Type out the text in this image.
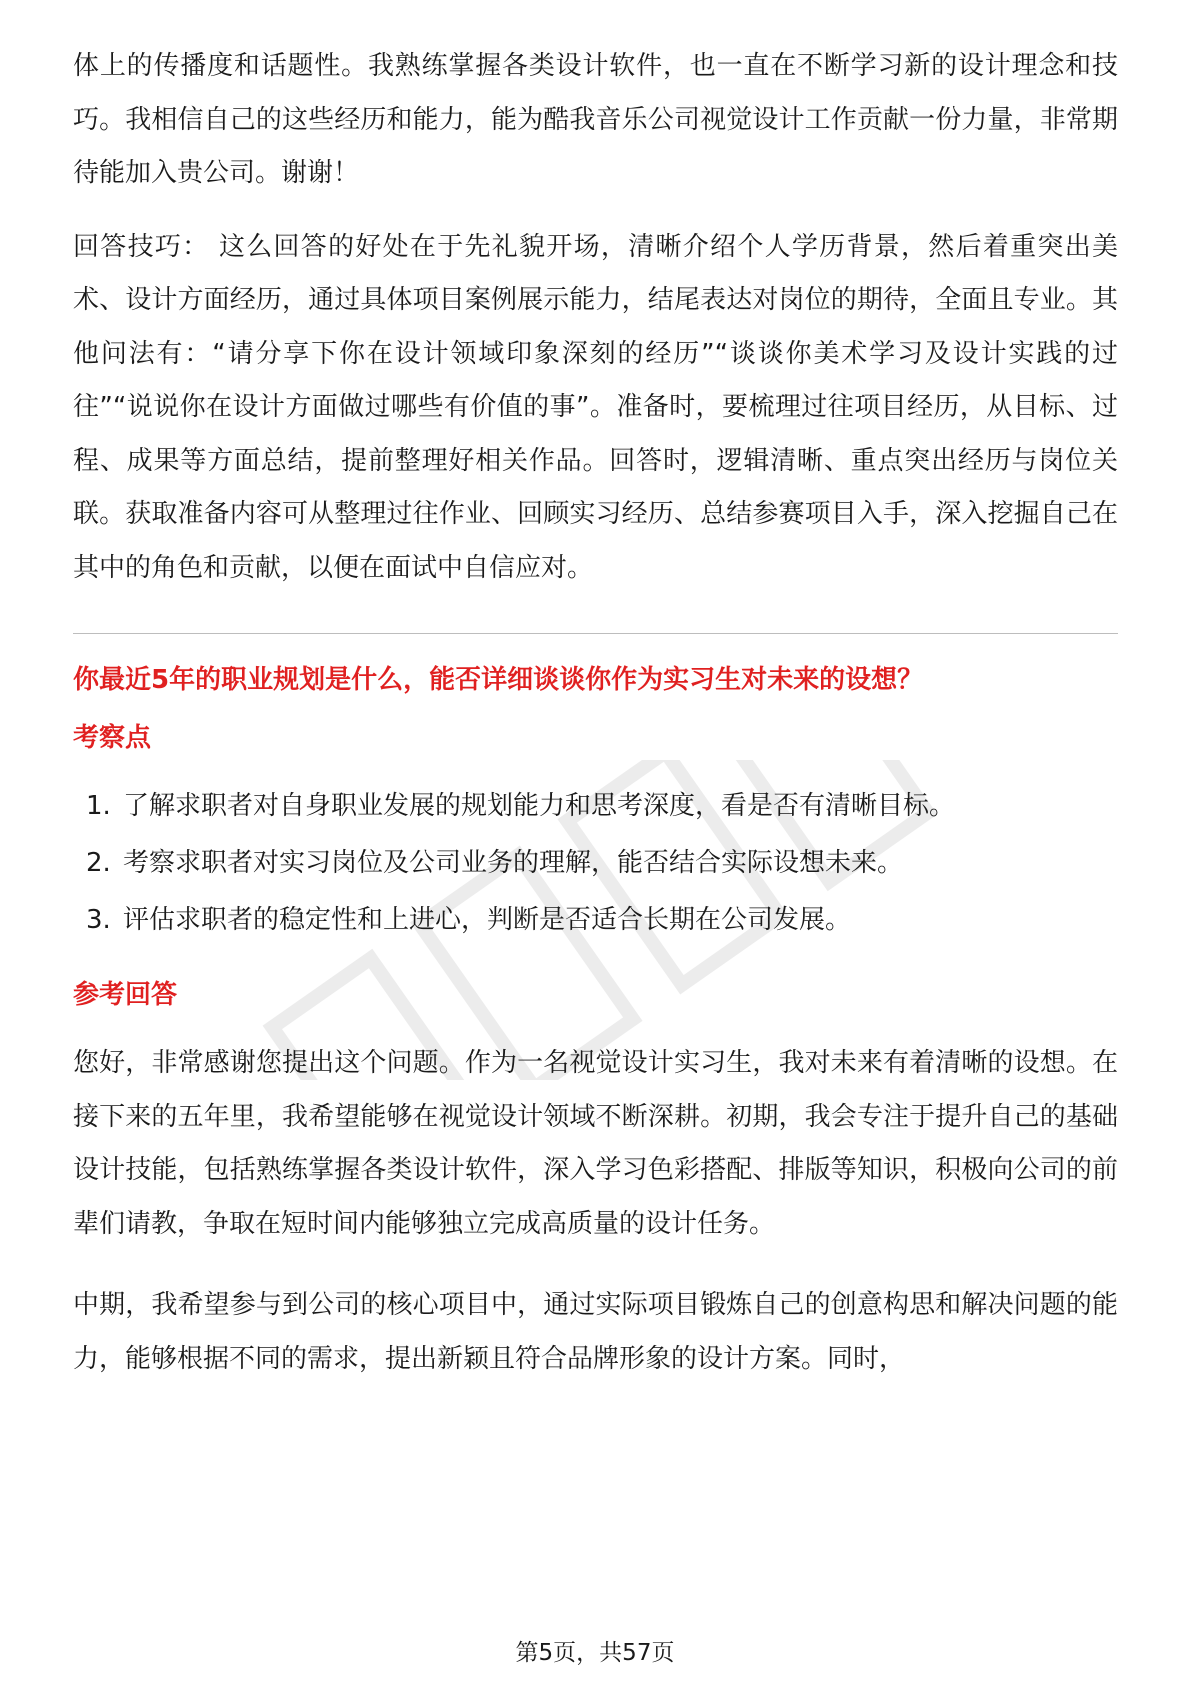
体上的传播度和话题性。我熟练掌握各类设计软件，也一直在不断学习新的设计理念和技巧。我相信自己的这些经历和能力，能为酷我音乐公司视觉设计工作贡献一份力量，非常期待能加入贵公司。谢谢！

回答技巧： 这么回答的好处在于先礼貌开场，清晰介绍个人学历背景，然后着重突出美术、设计方面经历，通过具体项目案例展示能力，结尾表达对岗位的期待，全面且专业。其他问法有：“请分享下你在设计领域印象深刻的经历”“谈谈你美术学习及设计实践的过往”“说说你在设计方面做过哪些有价值的事”。准备时，要梳理过往项目经历，从目标、过程、成果等方面总结，提前整理好相关作品。回答时，逻辑清晰、重点突出经历与岗位关联。获取准备内容可从整理过往作业、回顾实习经历、总结参赛项目入手，深入挖掘自己在其中的角色和贡献，以便在面试中自信应对。

你最近5年的职业规划是什么，能否详细谈谈你作为实习生对未来的设想？
考察点
1. 了解求职者对自身职业发展的规划能力和思考深度，看是否有清晰目标。
2. 考察求职者对实习岗位及公司业务的理解，能否结合实际设想未来。
3. 评估求职者的稳定性和上进心，判断是否适合长期在公司发展。
参考回答

您好，非常感谢您提出这个问题。作为一名视觉设计实习生，我对未来有着清晰的设想。在接下来的五年里，我希望能够在视觉设计领域不断深耕。初期，我会专注于提升自己的基础设计技能，包括熟练掌握各类设计软件，深入学习色彩搭配、排版等知识，积极向公司的前辈们请教，争取在短时间内能够独立完成高质量的设计任务。

中期，我希望参与到公司的核心项目中，通过实际项目锻炼自己的创意构思和解决问题的能力，能够根据不同的需求，提出新颖且符合品牌形象的设计方案。同时，

第5页，共57页
